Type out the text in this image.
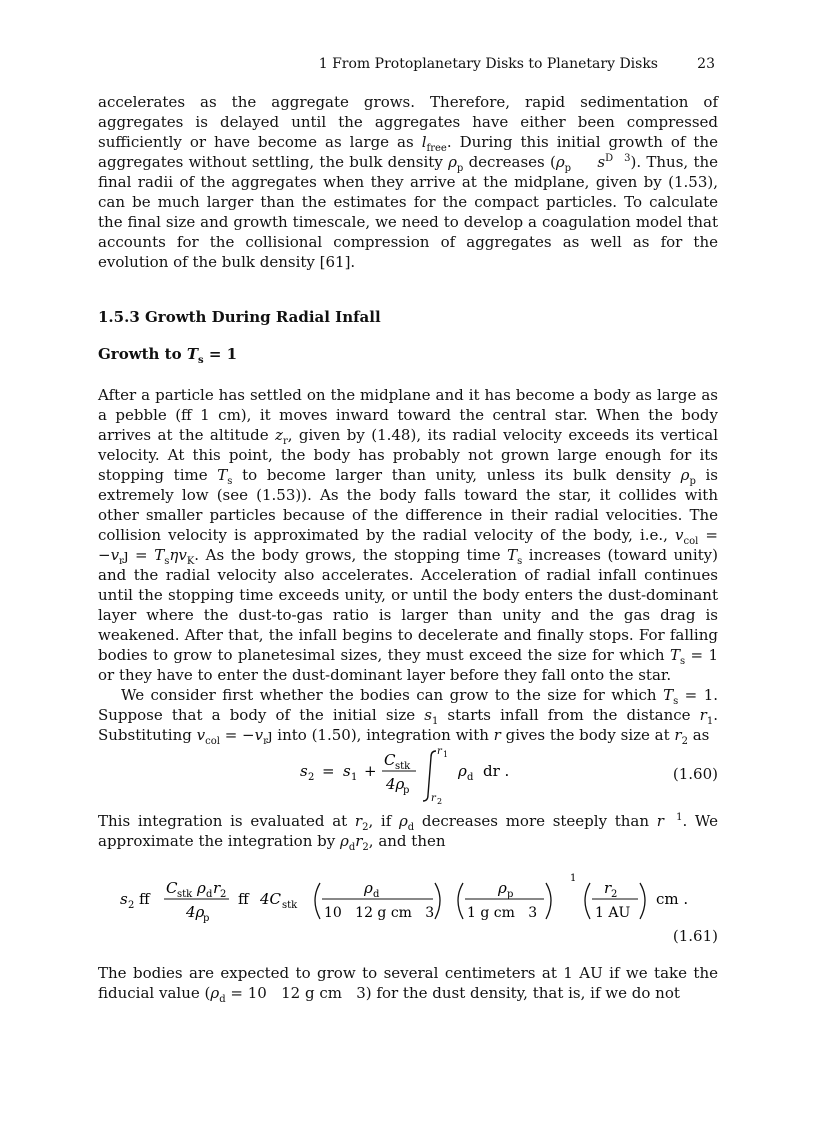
1 From Protoplanetary Disks to Planetary Disks	23

accelerates as the aggregate grows. Therefore, rapid sedimentation of aggregates is delayed until the aggregates have either been compressed sufficiently or have become as large as $l_{free}$. During this initial growth of the aggregates without settling, the bulk density $\rho_p$ decreases ($\rho_p$     $s^{D 3}$). Thus, the final radii of the aggregates when they arrive at the midplane, given by (1.53), can be much larger than the estimates for the compact particles. To calculate the final size and growth timescale, we need to develop a coagulation model that accounts for the collisional compression of aggregates as well as for the evolution of the bulk density [61].

1.5.3 Growth During Radial Infall
Growth to $T_s = 1$

After a particle has settled on the midplane and it has become a body as large as a pebble (ff 1 cm), it moves inward toward the central star. When the body arrives at the altitude $z_r$, given by (1.48), its radial velocity exceeds its vertical velocity. At this point, the body has probably not grown large enough for its stopping time $T_s$ to become larger than unity, unless its bulk density $\rho_p$ is extremely low (see (1.53)). As the body falls toward the star, it collides with other smaller particles because of the difference in their radial velocities. The collision velocity is approximated by the radial velocity of the body, i.e., $v_{col}$ = $-v_rȷ = T_s\eta v_K$. As the body grows, the stopping time $T_s$ increases (toward unity) and the radial velocity also accelerates. Acceleration of radial infall continues until the stopping time exceeds unity, or until the body enters the dust-dominant layer where the dust-to-gas ratio is larger than unity and the gas drag is weakened. After that, the infall begins to decelerate and finally stops. For falling bodies to grow to planetesimal sizes, they must exceed the size for which $T_s = 1$ or they have to enter the dust-dominant layer before they fall onto the star.

We consider first whether the bodies can grow to the size for which $T_s = 1$. Suppose that a body of the initial size $s_1$ starts infall from the distance $r_1$. Substituting $v_{col}$ = $-v_rȷ$ into (1.50), integration with r gives the body size at $r_2$ as

s 2 = s 1 +
C stk
4ρ
p
r 1
r 2
ρ d dr .	(1.60)

This integration is evaluated at $r_2$, if $\rho_d$ decreases more steeply than r  $^1$. We approximate the integration by $\rho_dr_2$, and then

s 2 ff
C stk ρ d r 2
4ρ
p
ff 4C stk
ρ d
10   12 g cm   3
ρ p
1 g cm   3
1
r 2
1 AU
cm .
(1.61)

The bodies are expected to grow to several centimeters at 1 AU if we take the fiducial value ($\rho_d = 10$   12 g cm   3) for the dust density, that is, if we do not
